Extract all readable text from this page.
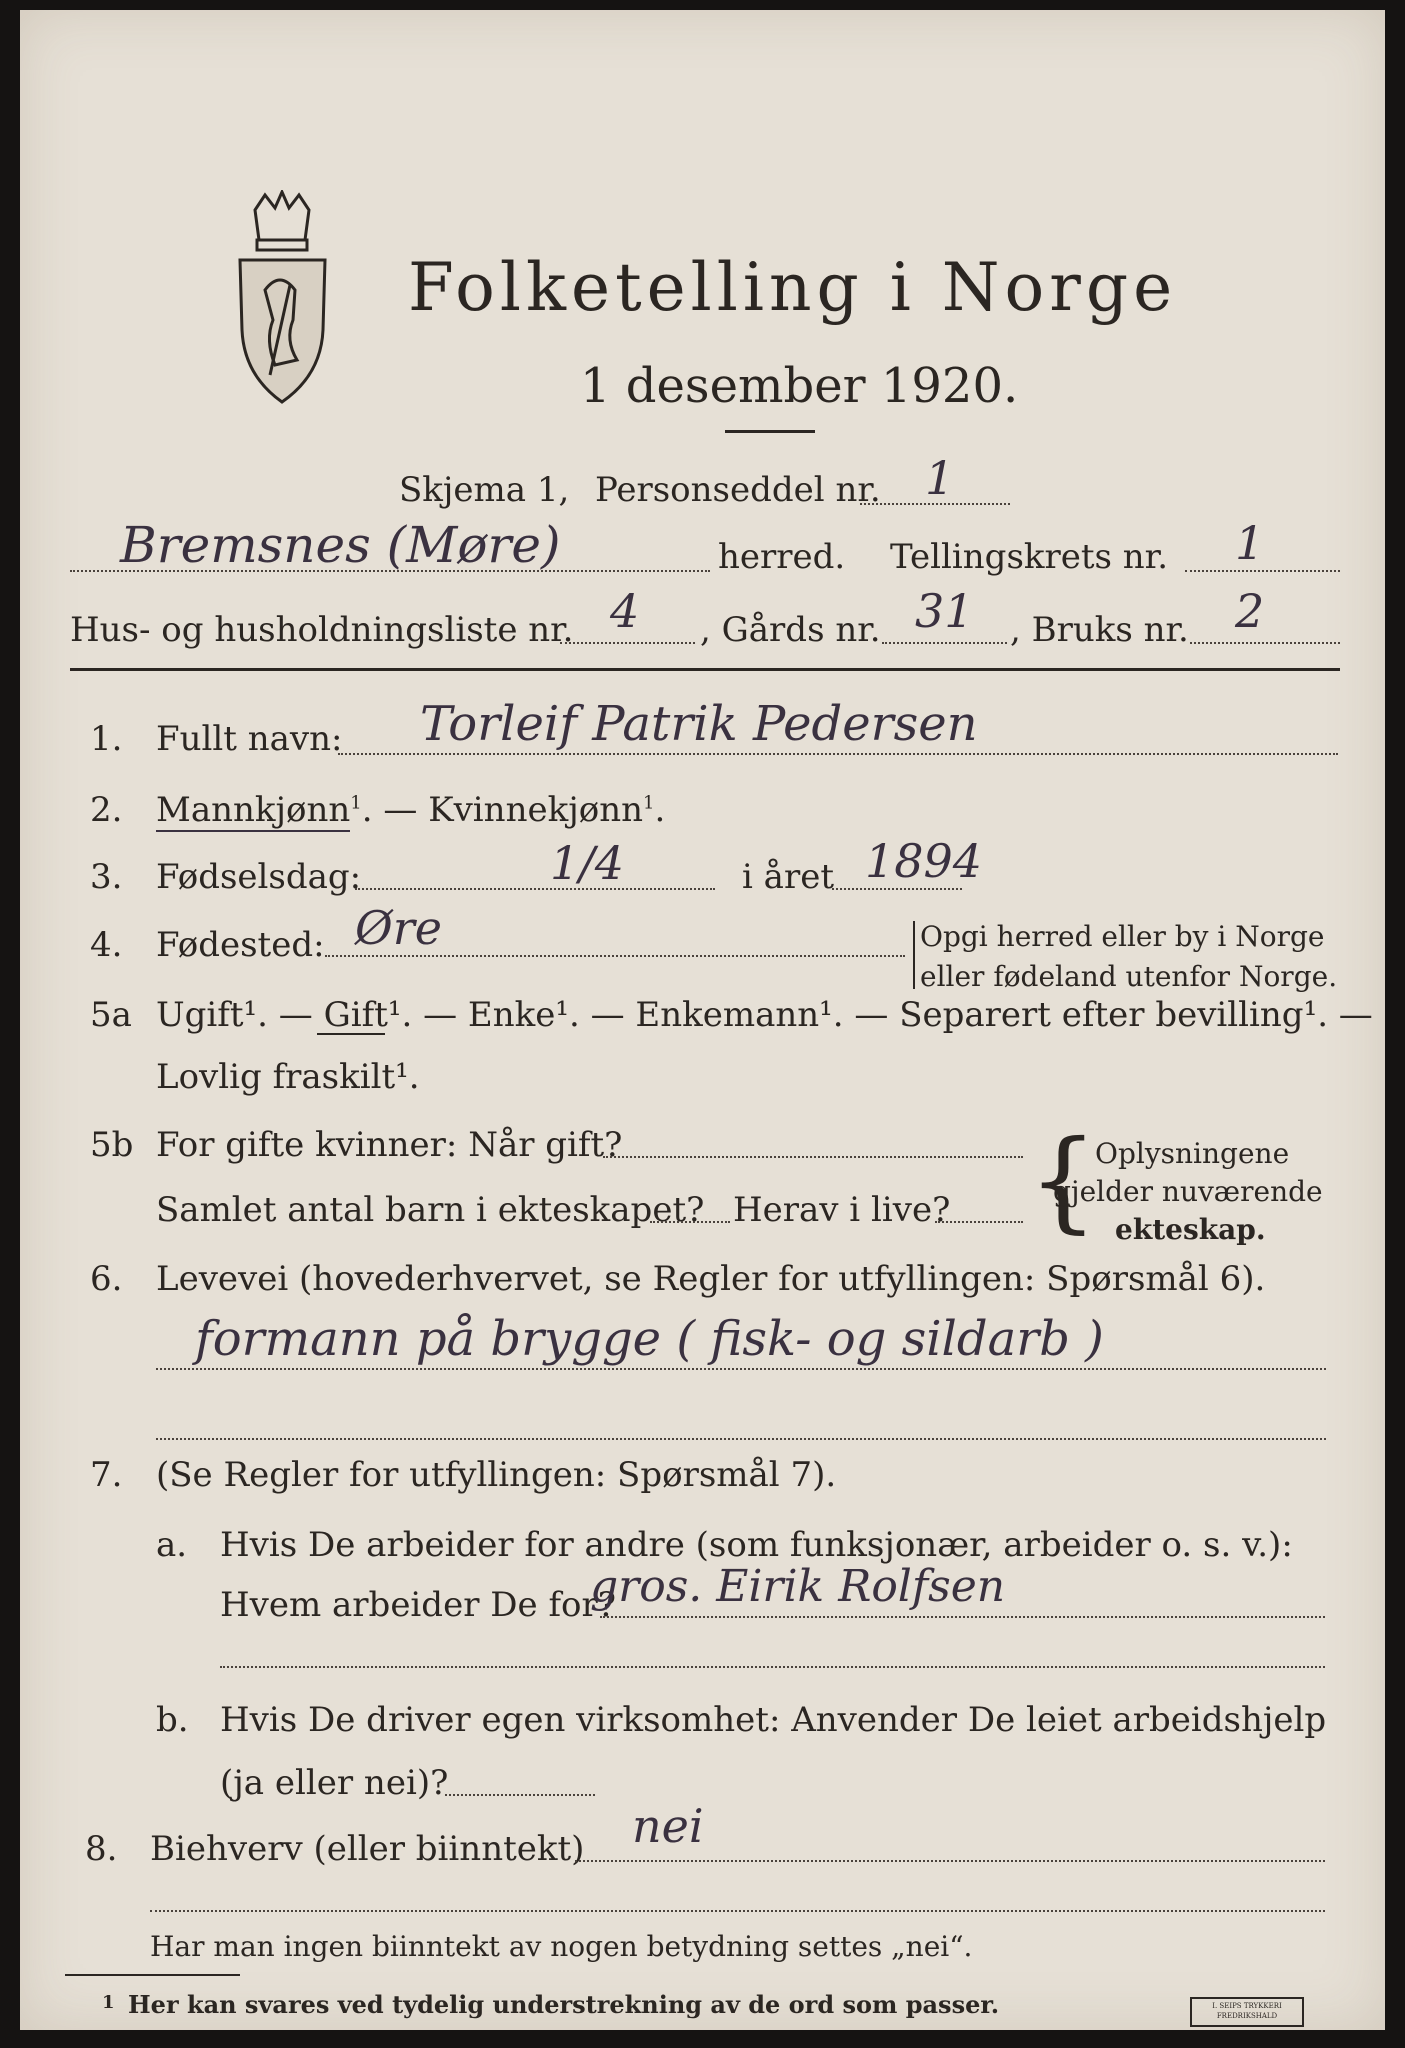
Folketelling i Norge
1 desember 1920.
Skjema 1, Personseddel nr. 1
Bremsnes (Møre)	herred. Tellingskrets nr. 1
Hus- og husholdningsliste nr. 4 , Gårds nr. 31 , Bruks nr. 2
1. Fullt navn: Torleif Patrik Pedersen
2. Mannkjønn$^1$. — Kvinnekjønn$^1$.
3. Fødselsdag:	1/4	i året 1894
4. Fødested: Øre	Opgi herred eller by i Norge
eller fødeland utenfor Norge.
5a Ugift¹. — Gift¹. — Enke¹. — Enkemann¹. — Separert efter bevilling¹. —
Lovlig fraskilt¹.
5b For gifte kvinner: Når gift?
Samlet antal barn i ekteskapet? Herav i live? {
Oplysningene
gjelder nuværende
ekteskap.
6. Levevei (hovederhvervet, se Regler for utfyllingen: Spørsmål 6).
formann på brygge ( fisk- og sildarb )
7. (Se Regler for utfyllingen: Spørsmål 7).
a. Hvis De arbeider for andre (som funksjonær, arbeider o. s. v.):
Hvem arbeider De for?
gros. Eirik Rolfsen
b. Hvis De driver egen virksomhet: Anvender De leiet arbeidshjelp
(ja eller nei)?
8. Biehverv (eller biinntekt) nei
Har man ingen biinntekt av nogen betydning settes „nei“.
1 Her kan svares ved tydelig understrekning av de ord som passer.	I. SEIPS TRYKKERI FREDRIKSHALD
